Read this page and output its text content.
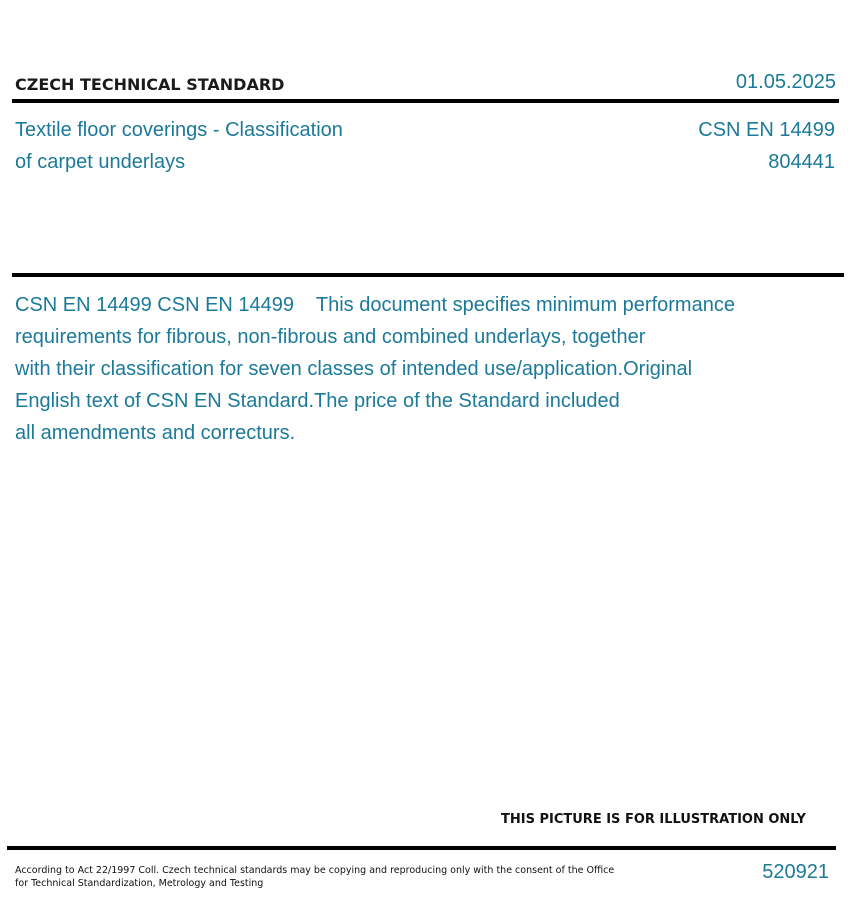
CZECH TECHNICAL STANDARD	01.05.2025
Textile floor coverings - Classification
of carpet underlays
CSN EN 14499
804441
CSN EN 14499 CSN EN 14499    This document specifies minimum performance
requirements for fibrous, non-fibrous and combined underlays, together
with their classification for seven classes of intended use/application.Original
English text of CSN EN Standard.The price of the Standard included
all amendments and correcturs.
THIS PICTURE IS FOR ILLUSTRATION ONLY
According to Act 22/1997 Coll. Czech technical standards may be copying and reproducing only with the consent of the Office
for Technical Standardization, Metrology and Testing
520921
